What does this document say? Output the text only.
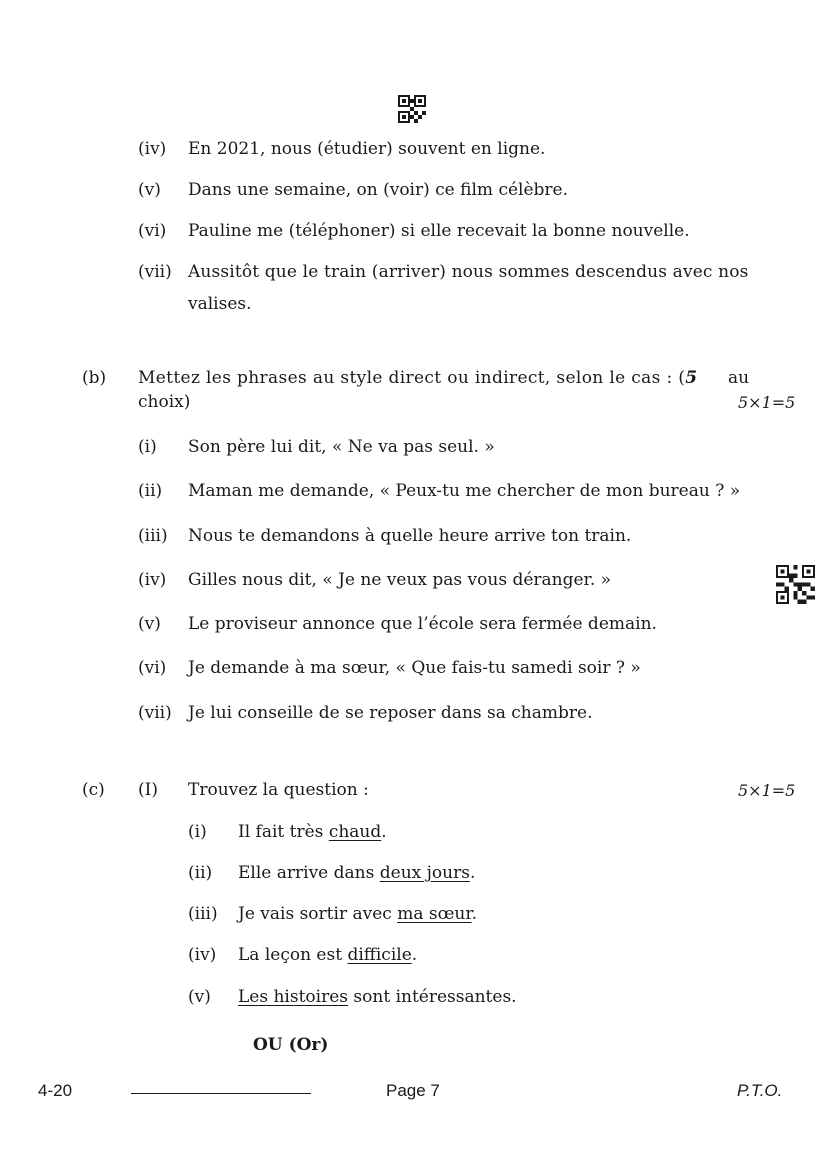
(iv) En 2021, nous (étudier) souvent en ligne.
(v) Dans une semaine, on (voir) ce film célèbre.
(vi) Pauline me (téléphoner) si elle recevait la bonne nouvelle.
(vii) Aussitôt que le train (arriver) nous sommes descendus avec nos
valises.
(b) Mettez les phrases au style direct ou indirect, selon le cas : (5 au
choix)	5×1=5
(i) Son père lui dit, « Ne va pas seul. »
(ii) Maman me demande, « Peux-tu me chercher de mon bureau ? »
(iii) Nous te demandons à quelle heure arrive ton train.
(iv) Gilles nous dit, « Je ne veux pas vous déranger. »
(v) Le proviseur annonce que l’école sera fermée demain.
(vi) Je demande à ma sœur, « Que fais-tu samedi soir ? »
(vii) Je lui conseille de se reposer dans sa chambre.
(c) (I) Trouvez la question :	5×1=5
(i) Il fait très chaud.
(ii) Elle arrive dans deux jours.
(iii) Je vais sortir avec ma sœur.
(iv) La leçon est difficile.
(v) Les histoires sont intéressantes.
OU (Or)
4-20	Page 7	P.T.O.
